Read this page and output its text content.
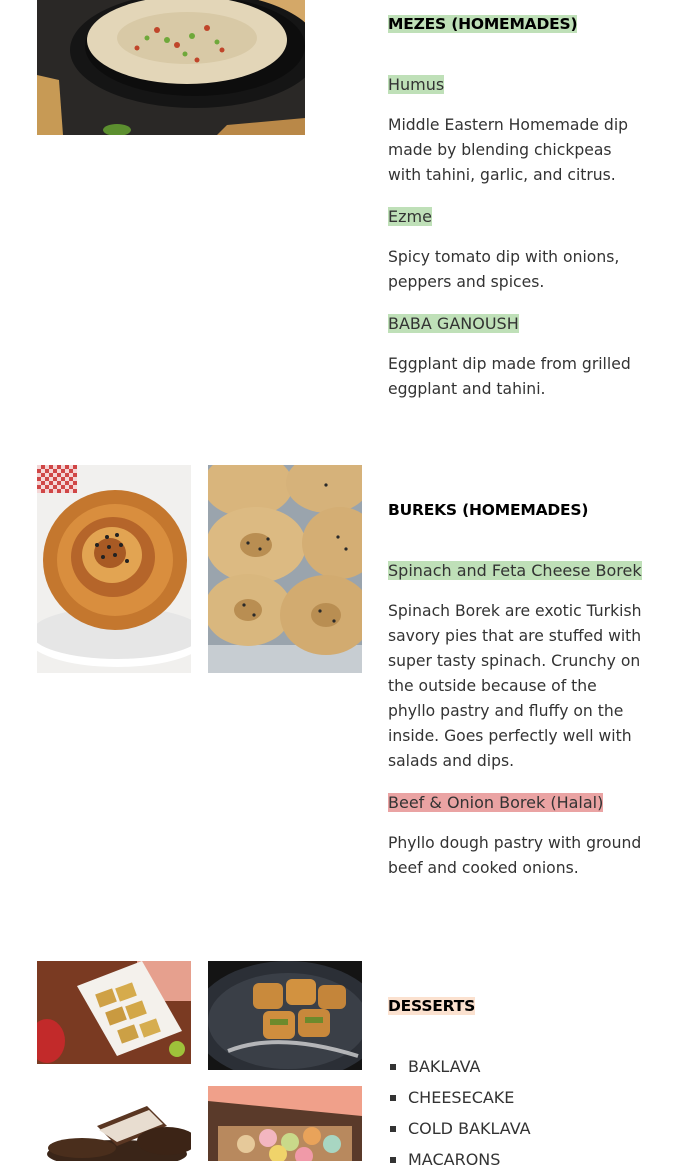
MEZES (HOMEMADES)

Humus

Middle Eastern Homemade dip made by blending chickpeas with tahini, garlic, and citrus.

Ezme

Spicy tomato dip with onions, peppers and spices.

BABA GANOUSH

Eggplant dip made from grilled eggplant and tahini.

BUREKS (HOMEMADES)

Spinach and Feta Cheese Borek

Spinach Borek are exotic Turkish savory pies that are stuffed with super tasty spinach. Crunchy on the outside because of the phyllo pastry and fluffy on the inside. Goes perfectly well with salads and dips.

Beef & Onion Borek (Halal)

Phyllo dough pastry with ground beef and cooked onions.

DESSERTS
BAKLAVA
CHEESECAKE
COLD BAKLAVA
MACARONS
